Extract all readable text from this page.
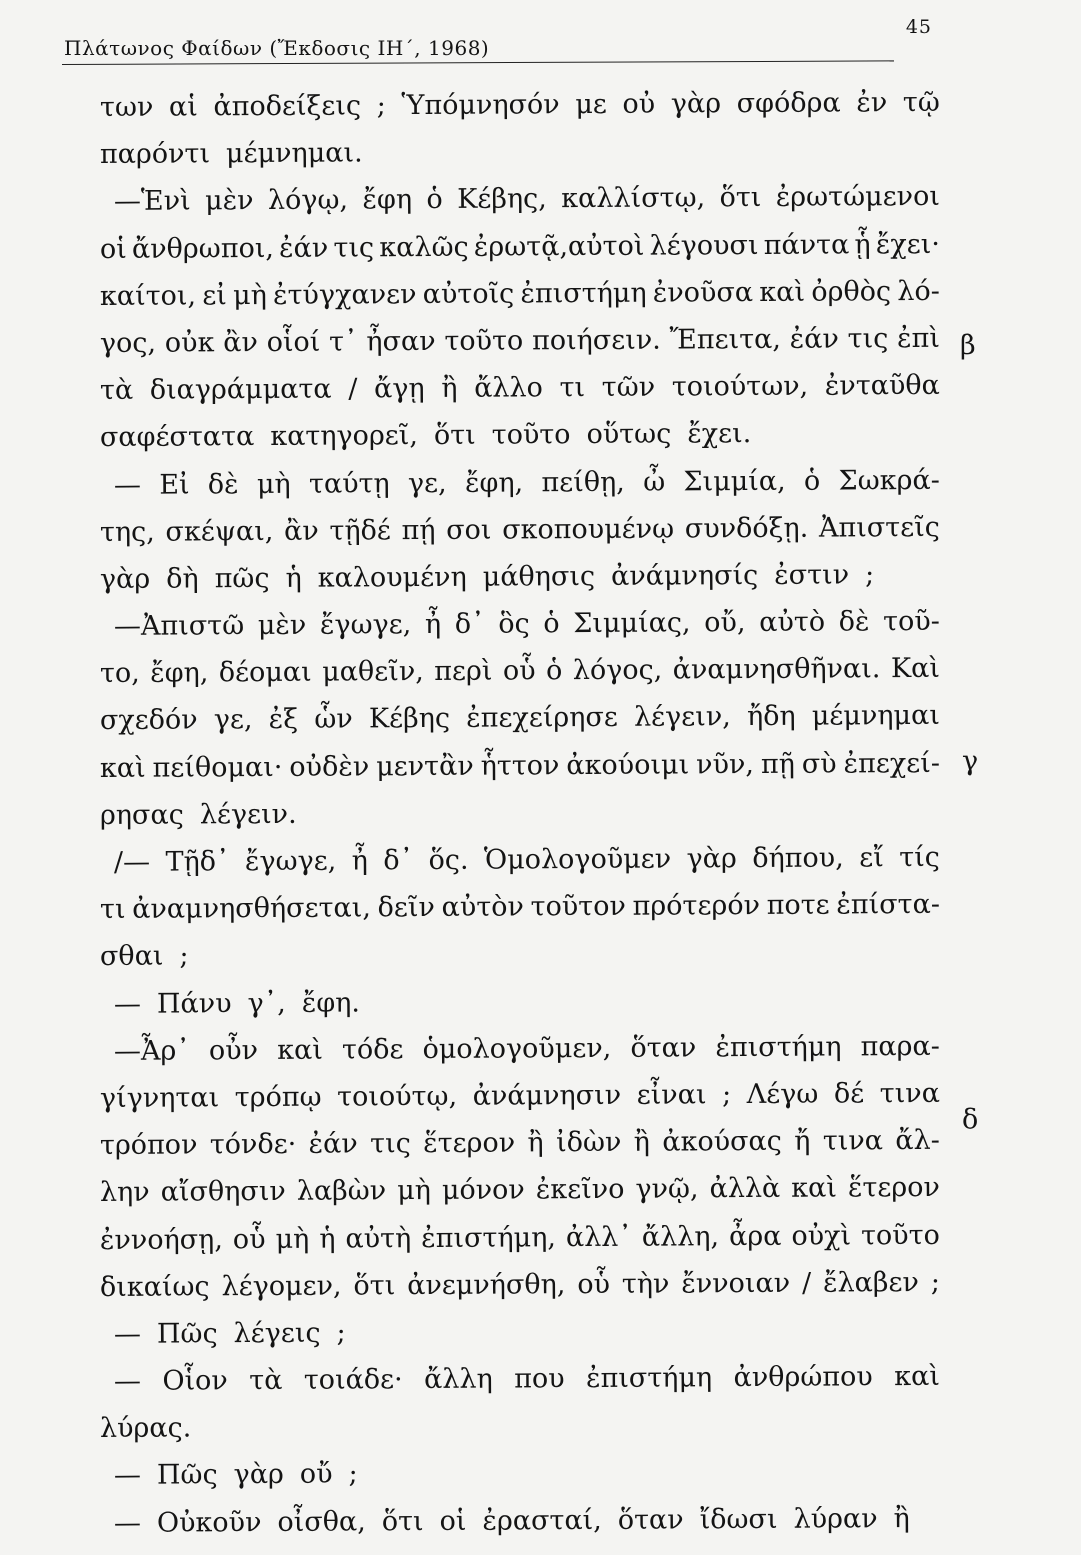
45
Πλάτωνος Φαίδων (Ἔκδοσις ΙΗ΄, 1968)
των αἱ ἀποδείξεις ; Ὑπόμνησόν με οὐ γὰρ σφόδρα ἐν τῷ
παρόντι μέμνημαι.
—Ἑνὶ μὲν λόγῳ, ἔφη ὁ Κέβης, καλλίστῳ, ὅτι ἐρωτώμενοι
οἱ ἄνθρωποι, ἐάν τις καλῶς ἐρωτᾷ,αὐτοὶ λέγουσι πάντα ᾗ ἔχει·
καίτοι, εἰ μὴ ἐτύγχανεν αὐτοῖς ἐπιστήμη ἐνοῦσα καὶ ὀρθὸς λό-
γος, οὐκ ἂν οἷοί τ᾽ ἦσαν τοῦτο ποιήσειν. Ἔπειτα, ἐάν τις ἐπὶ
τὰ διαγράμματα / ἄγῃ ἢ ἄλλο τι τῶν τοιούτων, ἐνταῦθα
σαφέστατα κατηγορεῖ, ὅτι τοῦτο οὕτως ἔχει.
— Εἰ δὲ μὴ ταύτῃ γε, ἔφη, πείθῃ, ὦ Σιμμία, ὁ Σωκρά-
της, σκέψαι, ἂν τῇδέ πῄ σοι σκοπουμένῳ συνδόξῃ. Ἀπιστεῖς
γὰρ δὴ πῶς ἡ καλουμένη μάθησις ἀνάμνησίς ἐστιν ;
—Ἀπιστῶ μὲν ἔγωγε, ἦ δ᾽ ὃς ὁ Σιμμίας, οὔ, αὐτὸ δὲ τοῦ-
το, ἔφη, δέομαι μαθεῖν, περὶ οὗ ὁ λόγος, ἀναμνησθῆναι. Καὶ
σχεδόν γε, ἐξ ὧν Κέβης ἐπεχείρησε λέγειν, ἤδη μέμνημαι
καὶ πείθομαι· οὐδὲν μεντἂν ἧττον ἀκούοιμι νῦν, πῇ σὺ ἐπεχεί-
ρησας λέγειν.
/— Τῇδ᾽ ἔγωγε, ἦ δ᾽ ὅς. Ὁμολογοῦμεν γὰρ δήπου, εἴ τίς
τι ἀναμνησθήσεται, δεῖν αὐτὸν τοῦτον πρότερόν ποτε ἐπίστα-
σθαι ;
— Πάνυ γ᾽, ἔφη.
—Ἆρ᾽ οὖν καὶ τόδε ὁμολογοῦμεν, ὅταν ἐπιστήμη παρα-
γίγνηται τρόπῳ τοιούτῳ, ἀνάμνησιν εἶναι ; Λέγω δέ τινα
τρόπον τόνδε· ἐάν τις ἕτερον ἢ ἰδὼν ἢ ἀκούσας ἤ τινα ἄλ-
λην αἴσθησιν λαβὼν μὴ μόνον ἐκεῖνο γνῷ, ἀλλὰ καὶ ἕτερον
ἐννοήσῃ, οὗ μὴ ἡ αὐτὴ ἐπιστήμη, ἀλλ᾽ ἄλλη, ἆρα οὐχὶ τοῦτο
δικαίως λέγομεν, ὅτι ἀνεμνήσθη, οὗ τὴν ἔννοιαν / ἔλαβεν ;
— Πῶς λέγεις ;
— Οἷον τὰ τοιάδε· ἄλλη που ἐπιστήμη ἀνθρώπου καὶ
λύρας.
— Πῶς γὰρ οὔ ;
— Οὐκοῦν οἶσθα, ὅτι οἱ ἐρασταί, ὅταν ἴδωσι λύραν ἢ
β
γ
δ
